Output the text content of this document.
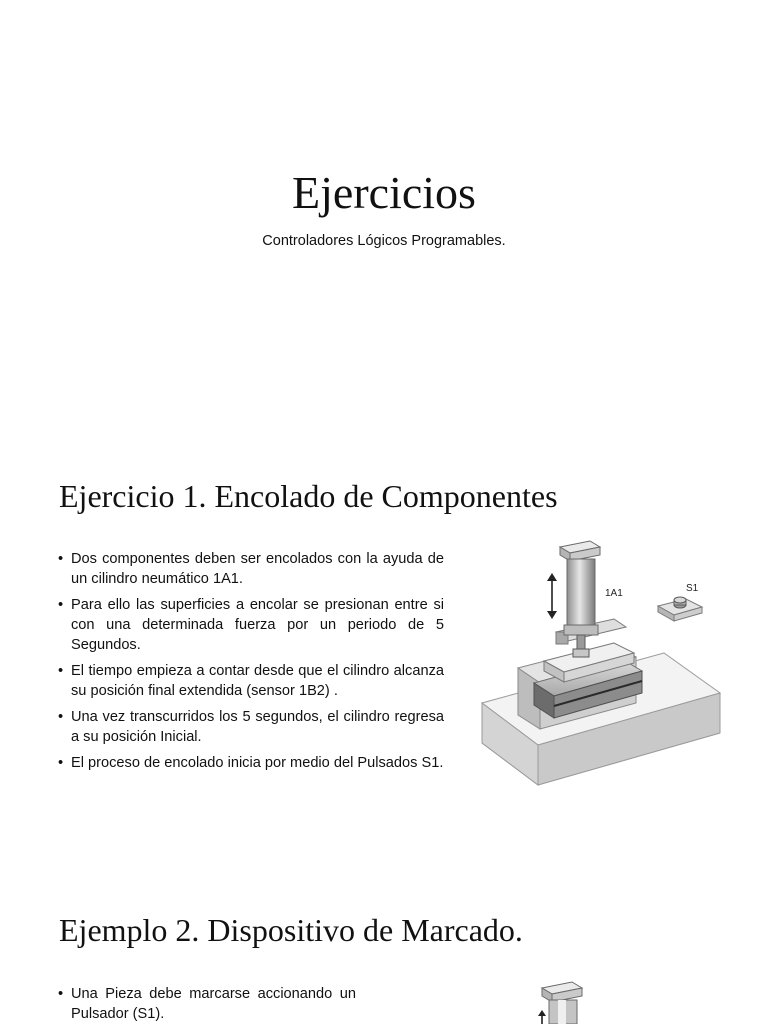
Ejercicios
Controladores Lógicos Programables.
Ejercicio 1. Encolado de Componentes
• Dos componentes deben ser encolados con la ayuda de un cilindro neumático 1A1.
• Para ello las superficies a encolar se presionan entre si con una determinada fuerza por un periodo de 5 Segundos.
• El tiempo empieza a contar desde que el cilindro alcanza su posición final extendida (sensor 1B2) .
• Una vez transcurridos los 5 segundos, el cilindro regresa a su posición Inicial.
• El proceso de encolado inicia por medio del Pulsados S1.
1A1	S1
Ejemplo 2. Dispositivo de Marcado.
• Una Pieza debe marcarse accionando un Pulsador (S1).
